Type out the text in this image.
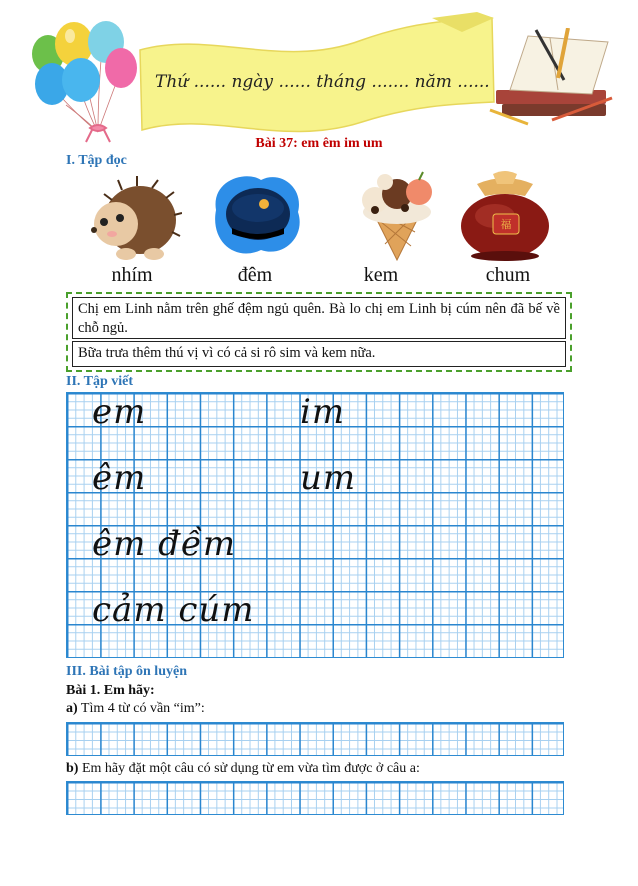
Thứ ...... ngày ...... tháng ....... năm ......
Bài 37: em êm im um
I. Tập đọc
福
nhím	đêm	kem	chum
Chị em Linh nằm trên ghế đệm ngủ quên. Bà lo chị em Linh bị cúm nên đã bế về chỗ ngủ.
Bữa trưa thêm thú vị vì có cả si rô sim và kem nữa.
II. Tập viết
em	im
êm	um
êm đềm
cảm cúm
III. Bài tập ôn luyện
Bài 1. Em hãy:
a) Tìm 4 từ có vần “im”:
b) Em hãy đặt một câu có sử dụng từ em vừa tìm được ở câu a:
